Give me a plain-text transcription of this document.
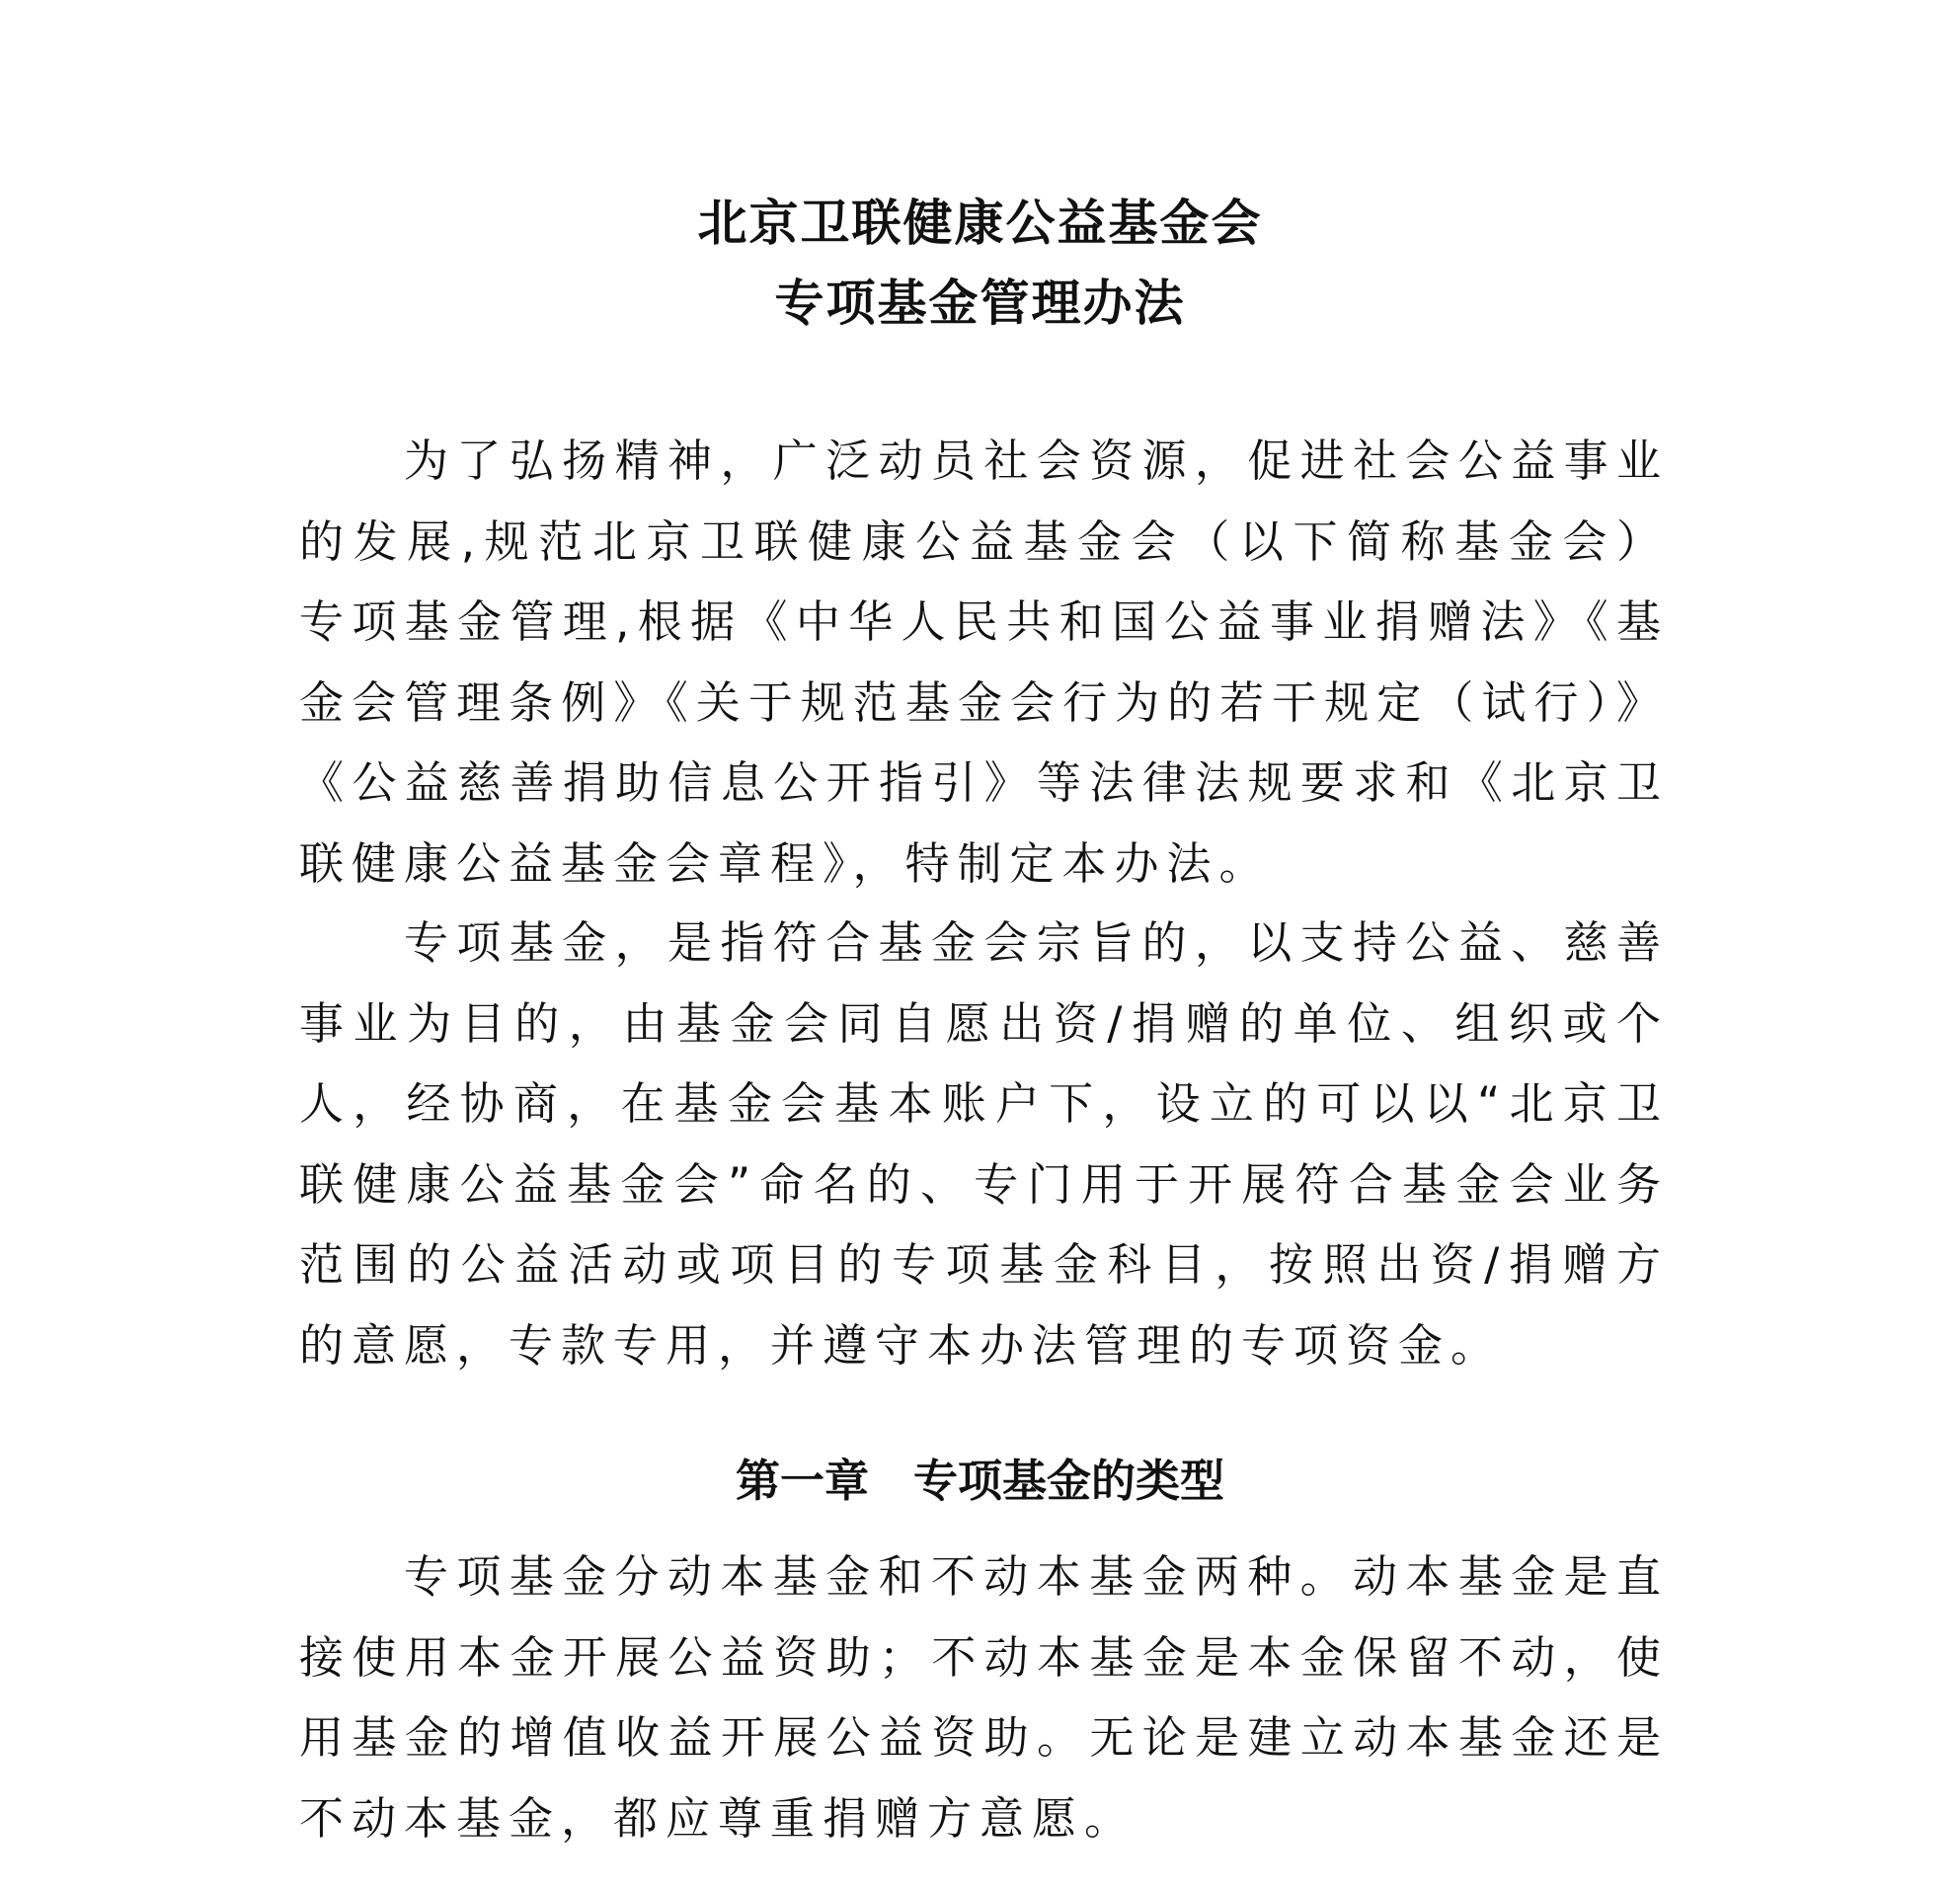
北京卫联健康公益基金会
专项基金管理办法

为了弘扬精神，广泛动员社会资源，促进社会公益事业的发展,规范北京卫联健康公益基金会（以下简称基金会）专项基金管理,根据《中华人民共和国公益事业捐赠法》《基金会管理条例》《关于规范基金会行为的若干规定（试行）》《公益慈善捐助信息公开指引》等法律法规要求和《北京卫联健康公益基金会章程》，特制定本办法。

专项基金，是指符合基金会宗旨的，以支持公益、慈善事业为目的，由基金会同自愿出资/捐赠的单位、组织或个人，经协商，在基金会基本账户下，设立的可以以“北京卫联健康公益基金会”命名的、专门用于开展符合基金会业务范围的公益活动或项目的专项基金科目，按照出资/捐赠方的意愿，专款专用，并遵守本办法管理的专项资金。

第一章　专项基金的类型

专项基金分动本基金和不动本基金两种。动本基金是直接使用本金开展公益资助；不动本基金是本金保留不动，使用基金的增值收益开展公益资助。无论是建立动本基金还是不动本基金，都应尊重捐赠方意愿。
